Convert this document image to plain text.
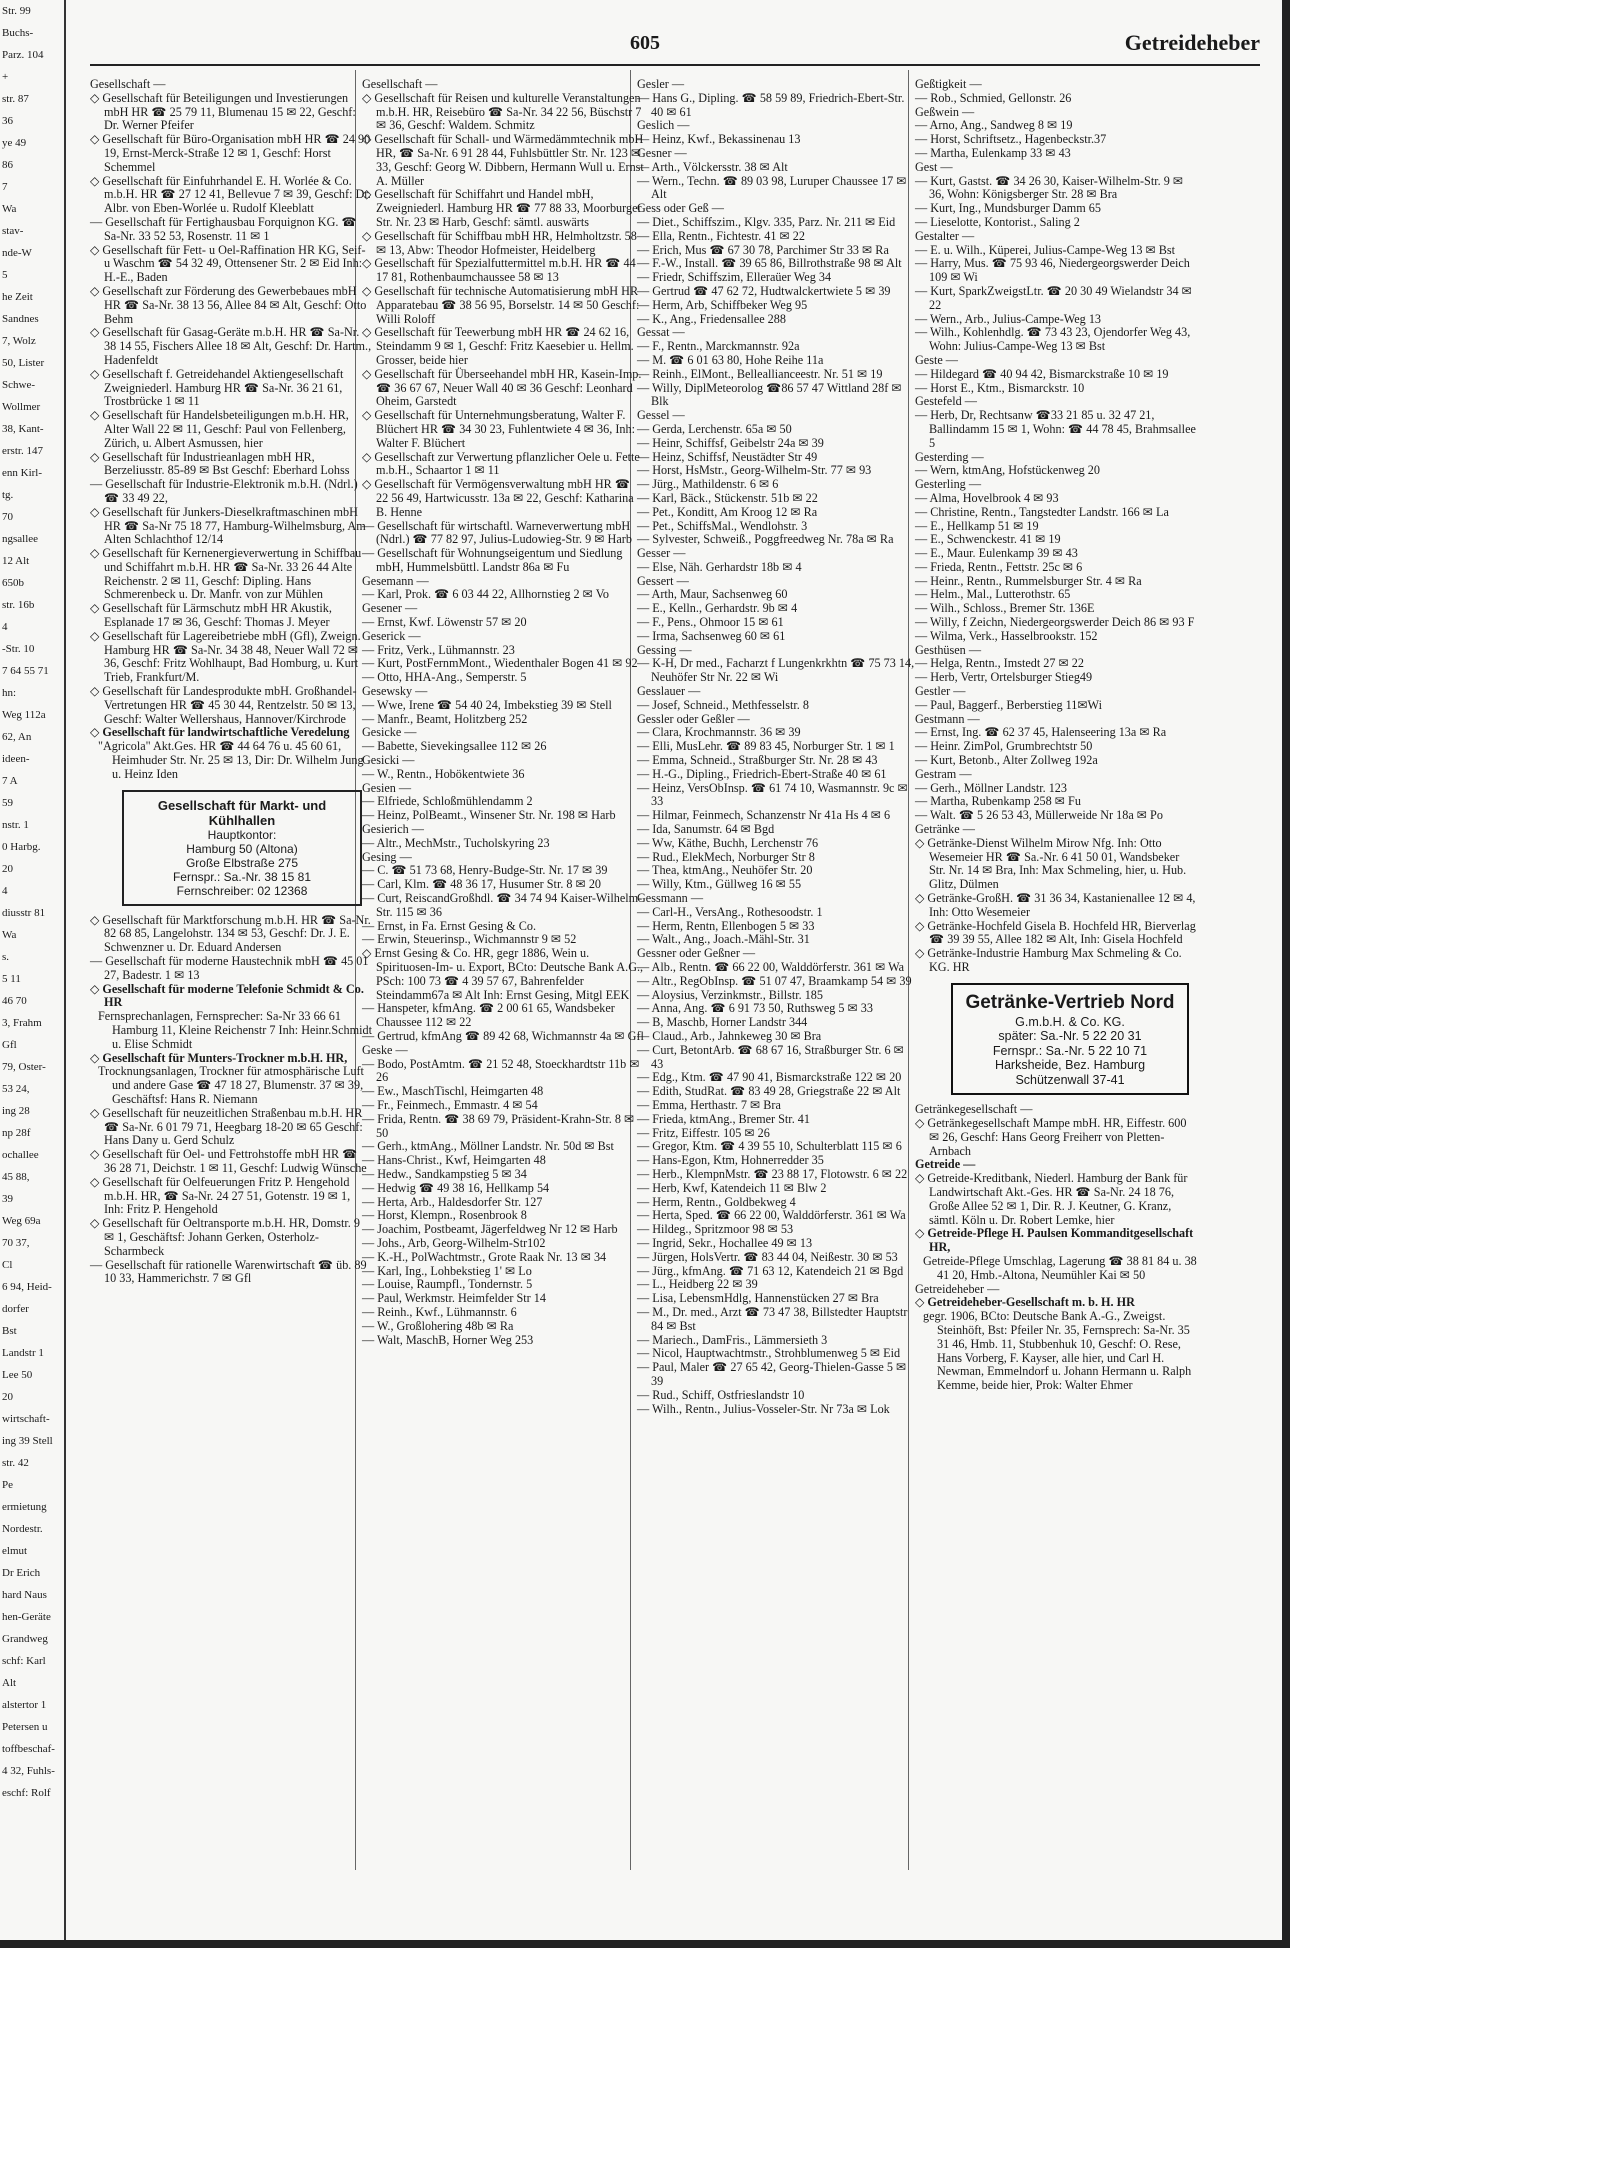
Str. 99
Buchs-
Parz. 104
+
str. 87
36
ye 49
86
7
Wa
stav-
nde-W
5
he Zeit
Sandnes
7, Wolz
50, Lister
Schwe-
Wollmer
38, Kant-
erstr. 147
enn Kirl-
tg.
70
ngsallee
12 Alt
650b
str. 16b
4
-Str. 10
7 64 55 71
hn:
Weg 112a
62, An
ideen-
7 A
59
nstr. 1
0 Harbg.
20
4
diusstr 81
Wa
s.
5 11
46 70
3, Frahm
Gfl
79, Oster-
53 24,
ing 28
np 28f
ochallee
45 88,
39
Weg 69a
70 37,
Cl
6 94, Heid-
dorfer
Bst
Landstr 1
Lee 50
20
wirtschaft-
ing 39 Stell
str. 42
Pe
ermietung
Nordestr.
elmut
Dr Erich
hard Naus
hen-Geräte
Grandweg
schf: Karl
Alt
alstertor 1
Petersen u
toffbeschaf-
4 32, Fuhls-
eschf: Rolf
605	Getreideheber
Gesellschaft —
◇ Gesellschaft für Beteiligungen und Investierungen mbH HR ☎ 25 79 11, Blumenau 15 ✉ 22, Geschf: Dr. Werner Pfeifer
◇ Gesellschaft für Büro-Organisation mbH HR ☎ 24 90 19, Ernst-Merck-Straße 12 ✉ 1, Geschf: Horst Schemmel
◇ Gesellschaft für Einfuhrhandel E. H. Worlée & Co. m.b.H. HR ☎ 27 12 41, Bellevue 7 ✉ 39, Geschf: Dr. Albr. von Eben-Worlée u. Rudolf Kleeblatt
— Gesellschaft für Fertighausbau Forquignon KG. ☎ Sa-Nr. 33 52 53, Rosenstr. 11 ✉ 1
◇ Gesellschaft für Fett- u Oel-Raffination HR KG, Seif- u Waschm ☎ 54 32 49, Ottensener Str. 2 ✉ Eid Inh: H.-E., Baden
◇ Gesellschaft zur Förderung des Gewerbebaues mbH HR ☎ Sa-Nr. 38 13 56, Allee 84 ✉ Alt, Geschf: Otto Behm
◇ Gesellschaft für Gasag-Geräte m.b.H. HR ☎ Sa-Nr. 38 14 55, Fischers Allee 18 ✉ Alt, Geschf: Dr. Hartm., Hadenfeldt
◇ Gesellschaft f. Getreidehandel Aktiengesellschaft Zweigniederl. Hamburg HR ☎ Sa-Nr. 36 21 61, Trostbrücke 1 ✉ 11
◇ Gesellschaft für Handelsbeteiligungen m.b.H. HR, Alter Wall 22 ✉ 11, Geschf: Paul von Fellenberg, Zürich, u. Albert Asmussen, hier
◇ Gesellschaft für Industrieanlagen mbH HR, Berzeliusstr. 85-89 ✉ Bst Geschf: Eberhard Lohss
— Gesellschaft für Industrie-Elektronik m.b.H. (Ndrl.) ☎ 33 49 22,
◇ Gesellschaft für Junkers-Dieselkraftmaschinen mbH HR ☎ Sa-Nr 75 18 77, Hamburg-Wilhelmsburg, Am Alten Schlachthof 12/14
◇ Gesellschaft für Kernenergieverwertung in Schiffbau und Schiffahrt m.b.H. HR ☎ Sa-Nr. 33 26 44 Alte Reichenstr. 2 ✉ 11, Geschf: Dipling. Hans Schmerenbeck u. Dr. Manfr. von zur Mühlen
◇ Gesellschaft für Lärmschutz mbH HR Akustik, Esplanade 17 ✉ 36, Geschf: Thomas J. Meyer
◇ Gesellschaft für Lagereibetriebe mbH (Gfl), Zweign. Hamburg HR ☎ Sa-Nr. 34 38 48, Neuer Wall 72 ✉ 36, Geschf: Fritz Wohlhaupt, Bad Homburg, u. Kurt Trieb, Frankfurt/M.
◇ Gesellschaft für Landesprodukte mbH. Großhandel-Vertretungen HR ☎ 45 30 44, Rentzelstr. 50 ✉ 13, Geschf: Walter Wellershaus, Hannover/Kirchrode
◇ Gesellschaft für landwirtschaftliche Veredelung
"Agricola" Akt.Ges. HR ☎ 44 64 76 u. 45 60 61, Heimhuder Str. Nr. 25 ✉ 13, Dir: Dr. Wilhelm Jung u. Heinz Iden
Gesellschaft für Markt- und Kühlhallen
Hauptkontor:
Hamburg 50 (Altona)
Große Elbstraße 275
Fernspr.: Sa.-Nr. 38 15 81
Fernschreiber: 02 12368
◇ Gesellschaft für Marktforschung m.b.H. HR ☎ Sa-Nr. 82 68 85, Langelohstr. 134 ✉ 53, Geschf: Dr. J. E. Schwenzner u. Dr. Eduard Andersen
— Gesellschaft für moderne Haustechnik mbH ☎ 45 01 27, Badestr. 1 ✉ 13
◇ Gesellschaft für moderne Telefonie Schmidt & Co. HR
Fernsprechanlagen, Fernsprecher: Sa-Nr 33 66 61 Hamburg 11, Kleine Reichenstr 7 Inh: Heinr.Schmidt u. Elise Schmidt
◇ Gesellschaft für Munters-Trockner m.b.H. HR,
Trocknungsanlagen, Trockner für atmosphärische Luft und andere Gase ☎ 47 18 27, Blumenstr. 37 ✉ 39, Geschäftsf: Hans R. Niemann
◇ Gesellschaft für neuzeitlichen Straßenbau m.b.H. HR ☎ Sa-Nr. 6 01 79 71, Heegbarg 18-20 ✉ 65 Geschf: Hans Dany u. Gerd Schulz
◇ Gesellschaft für Oel- und Fettrohstoffe mbH HR ☎ 36 28 71, Deichstr. 1 ✉ 11, Geschf: Ludwig Wünsche
◇ Gesellschaft für Oelfeuerungen Fritz P. Hengehold m.b.H. HR, ☎ Sa-Nr. 24 27 51, Gotenstr. 19 ✉ 1, Inh: Fritz P. Hengehold
◇ Gesellschaft für Oeltransporte m.b.H. HR, Domstr. 9 ✉ 1, Geschäftsf: Johann Gerken, Osterholz-Scharmbeck
— Gesellschaft für rationelle Warenwirtschaft ☎ üb. 89 10 33, Hammerichstr. 7 ✉ Gfl
Gesellschaft —
◇ Gesellschaft für Reisen und kulturelle Veranstaltungen m.b.H. HR, Reisebüro ☎ Sa-Nr. 34 22 56, Büschstr 7 ✉ 36, Geschf: Waldem. Schmitz
◇ Gesellschaft für Schall- und Wärmedämmtechnik mbH HR, ☎ Sa-Nr. 6 91 28 44, Fuhlsbüttler Str. Nr. 123 ✉ 33, Geschf: Georg W. Dibbern, Hermann Wull u. Ernst A. Müller
◇ Gesellschaft für Schiffahrt und Handel mbH, Zweigniederl. Hamburg HR ☎ 77 88 33, Moorburger Str. Nr. 23 ✉ Harb, Geschf: sämtl. auswärts
◇ Gesellschaft für Schiffbau mbH HR, Helmholtzstr. 58 ✉ 13, Abw: Theodor Hofmeister, Heidelberg
◇ Gesellschaft für Spezialfuttermittel m.b.H. HR ☎ 44 17 81, Rothenbaumchaussee 58 ✉ 13
◇ Gesellschaft für technische Automatisierung mbH HR Apparatebau ☎ 38 56 95, Borselstr. 14 ✉ 50 Geschf: Willi Roloff
◇ Gesellschaft für Teewerbung mbH HR ☎ 24 62 16, Steindamm 9 ✉ 1, Geschf: Fritz Kaesebier u. Hellm. Grosser, beide hier
◇ Gesellschaft für Überseehandel mbH HR, Kasein-Imp. ☎ 36 67 67, Neuer Wall 40 ✉ 36 Geschf: Leonhard Oheim, Garstedt
◇ Gesellschaft für Unternehmungsberatung, Walter F. Blüchert HR ☎ 34 30 23, Fuhlentwiete 4 ✉ 36, Inh: Walter F. Blüchert
◇ Gesellschaft zur Verwertung pflanzlicher Oele u. Fette m.b.H., Schaartor 1 ✉ 11
◇ Gesellschaft für Vermögensverwaltung mbH HR ☎ 22 56 49, Hartwicusstr. 13a ✉ 22, Geschf: Katharina B. Henne
— Gesellschaft für wirtschaftl. Warneverwertung mbH (Ndrl.) ☎ 77 82 97, Julius-Ludowieg-Str. 9 ✉ Harb
— Gesellschaft für Wohnungseigentum und Siedlung mbH, Hummelsbüttl. Landstr 86a ✉ Fu
Gesemann —
— Karl, Prok. ☎ 6 03 44 22, Allhornstieg 2 ✉ Vo
Gesener —
— Ernst, Kwf. Löwenstr 57 ✉ 20
Geserick —
— Fritz, Verk., Lühmannstr. 23
— Kurt, PostFernmMont., Wiedenthaler Bogen 41 ✉ 92
— Otto, HHA-Ang., Semperstr. 5
Gesewsky —
— Wwe, Irene ☎ 54 40 24, Imbekstieg 39 ✉ Stell
— Manfr., Beamt, Holitzberg 252
Gesicke —
— Babette, Sievekingsallee 112 ✉ 26
Gesicki —
— W., Rentn., Hobökentwiete 36
Gesien —
— Elfriede, Schloßmühlendamm 2
— Heinz, PolBeamt., Winsener Str. Nr. 198 ✉ Harb
Gesierich —
— Altr., MechMstr., Tucholskyring 23
Gesing —
— C. ☎ 51 73 68, Henry-Budge-Str. Nr. 17 ✉ 39
— Carl, Klm. ☎ 48 36 17, Husumer Str. 8 ✉ 20
— Curt, ReiscandGroßhdl. ☎ 34 74 94 Kaiser-Wilhelm-Str. 115 ✉ 36
— Ernst, in Fa. Ernst Gesing & Co.
— Erwin, Steuerinsp., Wichmannstr 9 ✉ 52
◇ Ernst Gesing & Co. HR, gegr 1886, Wein u. Spirituosen-Im- u. Export, BCto: Deutsche Bank A.G., PSch: 100 73 ☎ 4 39 57 67, Bahrenfelder Steindamm67a ✉ Alt Inh: Ernst Gesing, Mitgl EEK
— Hanspeter, kfmAng. ☎ 2 00 61 65, Wandsbeker Chaussee 112 ✉ 22
— Gertrud, kfmAng ☎ 89 42 68, Wichmannstr 4a ✉ Gfl
Geske —
— Bodo, PostAmtm. ☎ 21 52 48, Stoeckhardtstr 11b ✉ 26
— Ew., MaschTischl, Heimgarten 48
— Fr., Feinmech., Emmastr. 4 ✉ 54
— Frida, Rentn. ☎ 38 69 79, Präsident-Krahn-Str. 8 ✉ 50
— Gerh., ktmAng., Möllner Landstr. Nr. 50d ✉ Bst
— Hans-Christ., Kwf, Heimgarten 48
— Hedw., Sandkampstieg 5 ✉ 34
— Hedwig ☎ 49 38 16, Hellkamp 54
— Herta, Arb., Haldesdorfer Str. 127
— Horst, Klempn., Rosenbrook 8
— Joachim, Postbeamt, Jägerfeldweg Nr 12 ✉ Harb
— Johs., Arb, Georg-Wilhelm-Str102
— K.-H., PolWachtmstr., Grote Raak Nr. 13 ✉ 34
— Karl, Ing., Lohbekstieg 1' ✉ Lo
— Louise, Raumpfl., Tondernstr. 5
— Paul, Werkmstr. Heimfelder Str 14
— Reinh., Kwf., Lühmannstr. 6
— W., Großlohering 48b ✉ Ra
— Walt, MaschB, Horner Weg 253
Gesler —
— Hans G., Dipling. ☎ 58 59 89, Friedrich-Ebert-Str. 40 ✉ 61
Geslich —
— Heinz, Kwf., Bekassinenau 13
Gesner —
— Arth., Völckersstr. 38 ✉ Alt
— Wern., Techn. ☎ 89 03 98, Luruper Chaussee 17 ✉ Alt
Gess oder Geß —
— Diet., Schiffszim., Klgv. 335, Parz. Nr. 211 ✉ Eid
— Ella, Rentn., Fichtestr. 41 ✉ 22
— Erich, Mus ☎ 67 30 78, Parchimer Str 33 ✉ Ra
— F.-W., Install. ☎ 39 65 86, Billrothstraße 98 ✉ Alt
— Friedr, Schiffszim, Elleraüer Weg 34
— Gertrud ☎ 47 62 72, Hudtwalckertwiete 5 ✉ 39
— Herm, Arb, Schiffbeker Weg 95
— K., Ang., Friedensallee 288
Gessat —
— F., Rentn., Marckmannstr. 92a
— M. ☎ 6 01 63 80, Hohe Reihe 11a
— Reinh., ElMont., Belleallianceestr. Nr. 51 ✉ 19
— Willy, DiplMeteorolog ☎86 57 47 Wittland 28f ✉ Blk
Gessel —
— Gerda, Lerchenstr. 65a ✉ 50
— Heinr, Schiffsf, Geibelstr 24a ✉ 39
— Heinz, Schiffsf, Neustädter Str 49
— Horst, HsMstr., Georg-Wilhelm-Str. 77 ✉ 93
— Jürg., Mathildenstr. 6 ✉ 6
— Karl, Bäck., Stückenstr. 51b ✉ 22
— Pet., Konditt, Am Kroog 12 ✉ Ra
— Pet., SchiffsMal., Wendlohstr. 3
— Sylvester, Schweiß., Poggfreedweg Nr. 78a ✉ Ra
Gesser —
— Else, Näh. Gerhardstr 18b ✉ 4
Gessert —
— Arth, Maur, Sachsenweg 60
— E., Kelln., Gerhardstr. 9b ✉ 4
— F., Pens., Ohmoor 15 ✉ 61
— Irma, Sachsenweg 60 ✉ 61
Gessing —
— K-H, Dr med., Facharzt f Lungenkrkhtn ☎ 75 73 14, Neuhöfer Str Nr. 22 ✉ Wi
Gesslauer —
— Josef, Schneid., Methfesselstr. 8
Gessler oder Geßler —
— Clara, Krochmannstr. 36 ✉ 39
— Elli, MusLehr. ☎ 89 83 45, Norburger Str. 1 ✉ 1
— Emma, Schneid., Straßburger Str. Nr. 28 ✉ 43
— H.-G., Dipling., Friedrich-Ebert-Straße 40 ✉ 61
— Heinz, VersObInsp. ☎ 61 74 10, Wasmannstr. 9c ✉ 33
— Hilmar, Feinmech, Schanzenstr Nr 41a Hs 4 ✉ 6
— Ida, Sanumstr. 64 ✉ Bgd
— Ww, Käthe, Buchh, Lerchenstr 76
— Rud., ElekMech, Norburger Str 8
— Thea, ktmAng., Neuhöfer Str. 20
— Willy, Ktm., Güllweg 16 ✉ 55
Gessmann —
— Carl-H., VersAng., Rothesoodstr. 1
— Herm, Rentn, Ellenbogen 5 ✉ 33
— Walt., Ang., Joach.-Mähl-Str. 31
Gessner oder Geßner —
— Alb., Rentn. ☎ 66 22 00, Walddörferstr. 361 ✉ Wa
— Altr., RegObInsp. ☎ 51 07 47, Braamkamp 54 ✉ 39
— Aloysius, Verzinkmstr., Billstr. 185
— Anna, Ang. ☎ 6 91 73 50, Ruthsweg 5 ✉ 33
— B, Maschb, Horner Landstr 344
— Claud., Arb., Jahnkeweg 30 ✉ Bra
— Curt, BetontArb. ☎ 68 67 16, Straßburger Str. 6 ✉ 43
— Edg., Ktm. ☎ 47 90 41, Bismarckstraße 122 ✉ 20
— Edith, StudRat. ☎ 83 49 28, Griegstraße 22 ✉ Alt
— Emma, Herthastr. 7 ✉ Bra
— Frieda, ktmAng., Bremer Str. 41
— Fritz, Eiffestr. 105 ✉ 26
— Gregor, Ktm. ☎ 4 39 55 10, Schulterblatt 115 ✉ 6
— Hans-Egon, Ktm, Hohnerredder 35
— Herb., KlempnMstr. ☎ 23 88 17, Flotowstr. 6 ✉ 22
— Herb, Kwf, Katendeich 11 ✉ Blw 2
— Herm, Rentn., Goldbekweg 4
— Herta, Sped. ☎ 66 22 00, Walddörferstr. 361 ✉ Wa
— Hildeg., Spritzmoor 98 ✉ 53
— Ingrid, Sekr., Hochallee 49 ✉ 13
— Jürgen, HolsVertr. ☎ 83 44 04, Neißestr. 30 ✉ 53
— Jürg., kfmAng. ☎ 71 63 12, Katendeich 21 ✉ Bgd
— L., Heidberg 22 ✉ 39
— Lisa, LebensmHdlg, Hannenstücken 27 ✉ Bra
— M., Dr. med., Arzt ☎ 73 47 38, Billstedter Hauptstr 84 ✉ Bst
— Mariech., DamFris., Lämmersieth 3
— Nicol, Hauptwachtmstr., Strohblumenweg 5 ✉ Eid
— Paul, Maler ☎ 27 65 42, Georg-Thielen-Gasse 5 ✉ 39
— Rud., Schiff, Ostfrieslandstr 10
— Wilh., Rentn., Julius-Vosseler-Str. Nr 73a ✉ Lok
Geßtigkeit —
— Rob., Schmied, Gellonstr. 26
Geßwein —
— Arno, Ang., Sandweg 8 ✉ 19
— Horst, Schriftsetz., Hagenbeckstr.37
— Martha, Eulenkamp 33 ✉ 43
Gest —
— Kurt, Gastst. ☎ 34 26 30, Kaiser-Wilhelm-Str. 9 ✉ 36, Wohn: Königsberger Str. 28 ✉ Bra
— Kurt, Ing., Mundsburger Damm 65
— Lieselotte, Kontorist., Saling 2
Gestalter —
— E. u. Wilh., Küperei, Julius-Campe-Weg 13 ✉ Bst
— Harry, Mus. ☎ 75 93 46, Niedergeorgswerder Deich 109 ✉ Wi
— Kurt, SparkZweigstLtr. ☎ 20 30 49 Wielandstr 34 ✉ 22
— Wern., Arb., Julius-Campe-Weg 13
— Wilh., Kohlenhdlg. ☎ 73 43 23, Ojendorfer Weg 43, Wohn: Julius-Campe-Weg 13 ✉ Bst
Geste —
— Hildegard ☎ 40 94 42, Bismarckstraße 10 ✉ 19
— Horst E., Ktm., Bismarckstr. 10
Gestefeld —
— Herb, Dr, Rechtsanw ☎33 21 85 u. 32 47 21, Ballindamm 15 ✉ 1, Wohn: ☎ 44 78 45, Brahmsallee 5
Gesterding —
— Wern, ktmAng, Hofstückenweg 20
Gesterling —
— Alma, Hovelbrook 4 ✉ 93
— Christine, Rentn., Tangstedter Landstr. 166 ✉ La
— E., Hellkamp 51 ✉ 19
— E., Schwenckestr. 41 ✉ 19
— E., Maur. Eulenkamp 39 ✉ 43
— Frieda, Rentn., Fettstr. 25c ✉ 6
— Heinr., Rentn., Rummelsburger Str. 4 ✉ Ra
— Helm., Mal., Lutterothstr. 65
— Wilh., Schloss., Bremer Str. 136E
— Willy, f Zeichn, Niedergeorgswerder Deich 86 ✉ 93 F
— Wilma, Verk., Hasselbrookstr. 152
Gesthüsen —
— Helga, Rentn., Imstedt 27 ✉ 22
— Herb, Vertr, Ortelsburger Stieg49
Gestler —
— Paul, Baggerf., Berberstieg 11✉Wi
Gestmann —
— Ernst, Ing. ☎ 62 37 45, Halenseering 13a ✉ Ra
— Heinr. ZimPol, Grumbrechtstr 50
— Kurt, Betonb., Alter Zollweg 192a
Gestram —
— Gerh., Möllner Landstr. 123
— Martha, Rubenkamp 258 ✉ Fu
— Walt. ☎ 5 26 53 43, Müllerweide Nr 18a ✉ Po
Getränke —
◇ Getränke-Dienst Wilhelm Mirow Nfg. Inh: Otto Wesemeier HR ☎ Sa.-Nr. 6 41 50 01, Wandsbeker Str. Nr. 14 ✉ Bra, Inh: Max Schmeling, hier, u. Hub. Glitz, Dülmen
◇ Getränke-GroßH. ☎ 31 36 34, Kastanienallee 12 ✉ 4, Inh: Otto Wesemeier
◇ Getränke-Hochfeld Gisela B. Hochfeld HR, Bierverlag ☎ 39 39 55, Allee 182 ✉ Alt, Inh: Gisela Hochfeld
◇ Getränke-Industrie Hamburg Max Schmeling & Co. KG. HR
Getränke-Vertrieb Nord
G.m.b.H. & Co. KG.
später: Sa.-Nr. 5 22 20 31
Fernspr.: Sa.-Nr. 5 22 10 71
Harksheide, Bez. Hamburg
Schützenwall 37-41
Getränkegesellschaft —
◇ Getränkegesellschaft Mampe mbH. HR, Eiffestr. 600 ✉ 26, Geschf: Hans Georg Freiherr von Pletten-Arnbach
Getreide —
◇ Getreide-Kreditbank, Niederl. Hamburg der Bank für Landwirtschaft Akt.-Ges. HR ☎ Sa-Nr. 24 18 76, Große Allee 52 ✉ 1, Dir. R. J. Keutner, G. Kranz, sämtl. Köln u. Dr. Robert Lemke, hier
◇ Getreide-Pflege H. Paulsen Kommanditgesellschaft HR,
Getreide-Pflege Umschlag, Lagerung ☎ 38 81 84 u. 38 41 20, Hmb.-Altona, Neumühler Kai ✉ 50
Getreideheber —
◇ Getreideheber-Gesellschaft m. b. H. HR
gegr. 1906, BCto: Deutsche Bank A.-G., Zweigst. Steinhöft, Bst: Pfeiler Nr. 35, Fernsprech: Sa-Nr. 35 31 46, Hmb. 11, Stubbenhuk 10, Geschf: O. Rese, Hans Vorberg, F. Kayser, alle hier, und Carl H. Newman, Emmelndorf u. Johann Hermann u. Ralph Kemme, beide hier, Prok: Walter Ehmer
